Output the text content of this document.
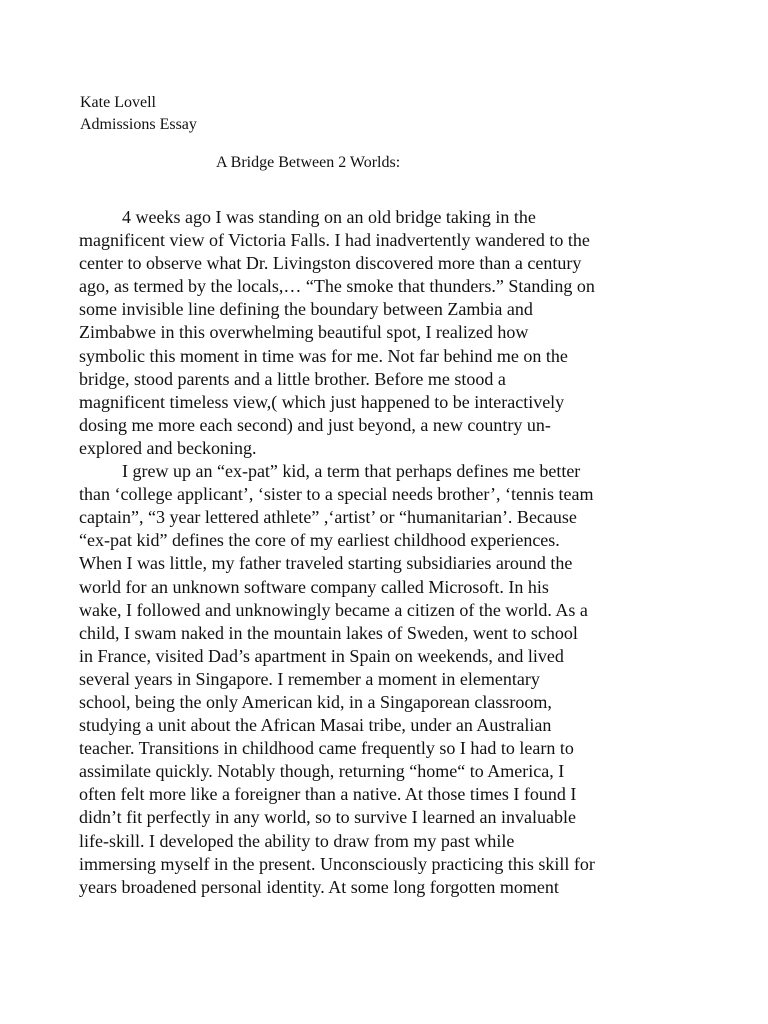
Kate Lovell
Admissions Essay
A Bridge Between 2 Worlds:
4 weeks ago I was standing on an old bridge taking in the
magnificent view of Victoria Falls. I had inadvertently wandered to the
center to observe what Dr. Livingston discovered more than a century
ago, as termed by the locals,… “The smoke that thunders.” Standing on
some invisible line defining the boundary between Zambia and
Zimbabwe in this overwhelming beautiful spot, I realized how
symbolic this moment in time was for me. Not far behind me on the
bridge, stood parents and a little brother. Before me stood a
magnificent timeless view,( which just happened to be interactively
dosing me more each second) and just beyond, a new country un-
explored and beckoning.
I grew up an “ex-pat” kid, a term that perhaps defines me better
than ‘college applicant’, ‘sister to a special needs brother’, ‘tennis team
captain”, “3 year lettered athlete” ,‘artist’ or “humanitarian’. Because
“ex-pat kid” defines the core of my earliest childhood experiences.
When I was little, my father traveled starting subsidiaries around the
world for an unknown software company called Microsoft. In his
wake, I followed and unknowingly became a citizen of the world. As a
child, I swam naked in the mountain lakes of Sweden, went to school
in France, visited Dad’s apartment in Spain on weekends, and lived
several years in Singapore. I remember a moment in elementary
school, being the only American kid, in a Singaporean classroom,
studying a unit about the African Masai tribe, under an Australian
teacher. Transitions in childhood came frequently so I had to learn to
assimilate quickly. Notably though, returning “home“ to America, I
often felt more like a foreigner than a native. At those times I found I
didn’t fit perfectly in any world, so to survive I learned an invaluable
life-skill. I developed the ability to draw from my past while
immersing myself in the present. Unconsciously practicing this skill for
years broadened personal identity. At some long forgotten moment
